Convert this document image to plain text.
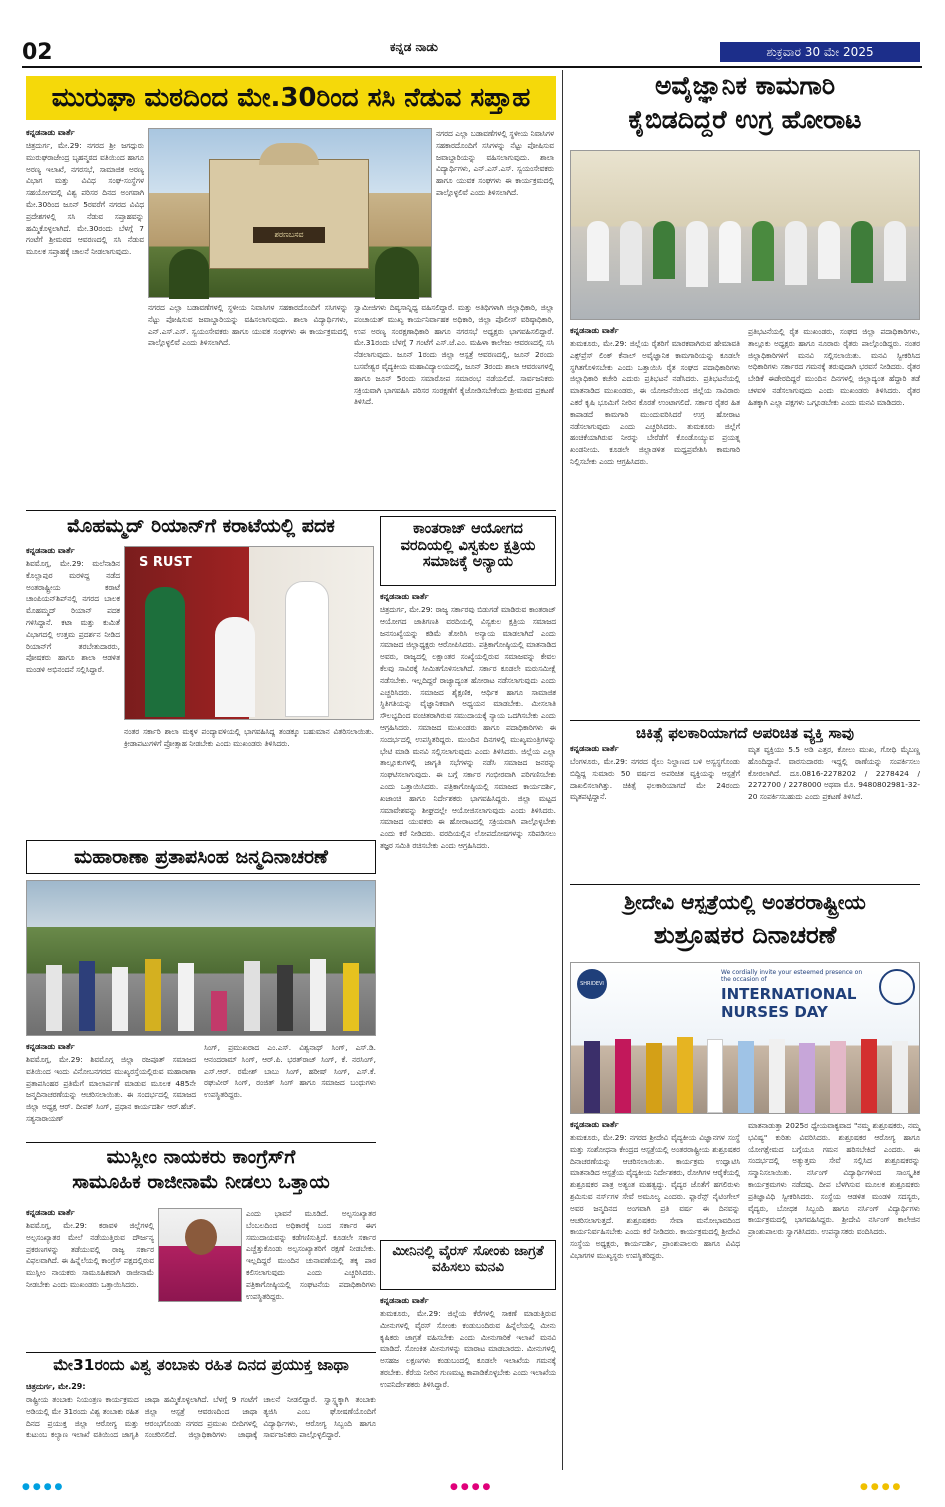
02	ಕನ್ನಡ ನಾಡು	ಶುಕ್ರವಾರ 30 ಮೇ 2025
ಮುರುಘಾ ಮಠದಿಂದ ಮೇ.30ರಿಂದ ಸಸಿ ನೆಡುವ ಸಪ್ತಾಹ
ಕನ್ನಡನಾಡು ವಾರ್ತೆ
ಚಿತ್ರದುರ್ಗ, ಮೇ.29: ನಗರದ ಶ್ರೀ ಜಗದ್ಗುರು ಮುರುಘರಾಜೇಂದ್ರ ಬೃಹನ್ಮಠದ ವತಿಯಿಂದ ಹಾಗೂ ಅರಣ್ಯ ಇಲಾಖೆ, ನಗರಸಭೆ, ಸಾಮಾಜಿಕ ಅರಣ್ಯ ವಿಭಾಗ ಮತ್ತು ವಿವಿಧ ಸಂಘ-ಸಂಸ್ಥೆಗಳ ಸಹಯೋಗದಲ್ಲಿ ವಿಶ್ವ ಪರಿಸರ ದಿನದ ಅಂಗವಾಗಿ ಮೇ.30ರಿಂದ ಜೂನ್ 5ರವರೆಗೆ ನಗರದ ವಿವಿಧ ಪ್ರದೇಶಗಳಲ್ಲಿ ಸಸಿ ನೆಡುವ ಸಪ್ತಾಹವನ್ನು ಹಮ್ಮಿಕೊಳ್ಳಲಾಗಿದೆ. ಮೇ.30ರಂದು ಬೆಳಗ್ಗೆ 7 ಗಂಟೆಗೆ ಶ್ರೀಮಠದ ಆವರಣದಲ್ಲಿ ಸಸಿ ನೆಡುವ ಮೂಲಕ ಸಪ್ತಾಹಕ್ಕೆ ಚಾಲನೆ ನೀಡಲಾಗುವುದು.
ಶರಣಬಸವ
ನಗರದ ಎಲ್ಲಾ ಬಡಾವಣೆಗಳಲ್ಲಿ ಸ್ಥಳೀಯ ನಿವಾಸಿಗಳ ಸಹಕಾರದೊಂದಿಗೆ ಸಸಿಗಳನ್ನು ನೆಟ್ಟು ಪೋಷಿಸುವ ಜವಾಬ್ದಾರಿಯನ್ನು ವಹಿಸಲಾಗುವುದು. ಶಾಲಾ ವಿದ್ಯಾರ್ಥಿಗಳು, ಎನ್.ಎಸ್.ಎಸ್. ಸ್ವಯಂಸೇವಕರು ಹಾಗೂ ಯುವಕ ಸಂಘಗಳು ಈ ಕಾರ್ಯಕ್ರಮದಲ್ಲಿ ಪಾಲ್ಗೊಳ್ಳಲಿವೆ ಎಂದು ತಿಳಿಸಲಾಗಿದೆ.
ಸ್ವಾಮೀಜಿಗಳು ದಿವ್ಯಸಾನ್ನಿಧ್ಯ ವಹಿಸಲಿದ್ದಾರೆ. ಮತ್ತು ಅತಿಥಿಗಳಾಗಿ ಜಿಲ್ಲಾಧಿಕಾರಿ, ಜಿಲ್ಲಾ ಪಂಚಾಯತ್ ಮುಖ್ಯ ಕಾರ್ಯನಿರ್ವಾಹಕ ಅಧಿಕಾರಿ, ಜಿಲ್ಲಾ ಪೊಲೀಸ್ ವರಿಷ್ಠಾಧಿಕಾರಿ, ಉಪ ಅರಣ್ಯ ಸಂರಕ್ಷಣಾಧಿಕಾರಿ ಹಾಗೂ ನಗರಸಭೆ ಅಧ್ಯಕ್ಷರು ಭಾಗವಹಿಸಲಿದ್ದಾರೆ. ಮೇ.31ರಂದು ಬೆಳಗ್ಗೆ 7 ಗಂಟೆಗೆ ಎಸ್.ಜೆ.ಎಂ. ಮಹಿಳಾ ಕಾಲೇಜು ಆವರಣದಲ್ಲಿ ಸಸಿ ನೆಡಲಾಗುವುದು. ಜೂನ್ 1ರಂದು ಜಿಲ್ಲಾ ಆಸ್ಪತ್ರೆ ಆವರಣದಲ್ಲಿ, ಜೂನ್ 2ರಂದು ಬಸವೇಶ್ವರ ವೈದ್ಯಕೀಯ ಮಹಾವಿದ್ಯಾಲಯದಲ್ಲಿ, ಜೂನ್ 3ರಂದು ಶಾಲಾ ಆವರಣಗಳಲ್ಲಿ ಹಾಗೂ ಜೂನ್ 5ರಂದು ಸಮಾರೋಪ ಸಮಾರಂಭ ನಡೆಯಲಿದೆ. ಸಾರ್ವಜನಿಕರು ಸಕ್ರಿಯವಾಗಿ ಭಾಗವಹಿಸಿ ಪರಿಸರ ಸಂರಕ್ಷಣೆಗೆ ಕೈಜೋಡಿಸಬೇಕೆಂದು ಶ್ರೀಮಠದ ಪ್ರಕಟಣೆ ತಿಳಿಸಿದೆ.
ನಗರದ ಎಲ್ಲಾ ಬಡಾವಣೆಗಳಲ್ಲಿ ಸ್ಥಳೀಯ ನಿವಾಸಿಗಳ ಸಹಕಾರದೊಂದಿಗೆ ಸಸಿಗಳನ್ನು ನೆಟ್ಟು ಪೋಷಿಸುವ ಜವಾಬ್ದಾರಿಯನ್ನು ವಹಿಸಲಾಗುವುದು. ಶಾಲಾ ವಿದ್ಯಾರ್ಥಿಗಳು, ಎನ್.ಎಸ್.ಎಸ್. ಸ್ವಯಂಸೇವಕರು ಹಾಗೂ ಯುವಕ ಸಂಘಗಳು ಈ ಕಾರ್ಯಕ್ರಮದಲ್ಲಿ ಪಾಲ್ಗೊಳ್ಳಲಿವೆ ಎಂದು ತಿಳಿಸಲಾಗಿದೆ.
ಅವೈಜ್ಞಾನಿಕ ಕಾಮಗಾರಿ
ಕೈಬಿಡದಿದ್ದರೆ ಉಗ್ರ ಹೋರಾಟ
ಕನ್ನಡನಾಡು ವಾರ್ತೆ
ತುಮಕೂರು, ಮೇ.29: ಜಿಲ್ಲೆಯ ರೈತರಿಗೆ ಮಾರಕವಾಗಿರುವ ಹೇಮಾವತಿ ಎಕ್ಸ್‌ಪ್ರೆಸ್ ಲಿಂಕ್ ಕೆನಾಲ್ ಅವೈಜ್ಞಾನಿಕ ಕಾಮಗಾರಿಯನ್ನು ಕೂಡಲೇ ಸ್ಥಗಿತಗೊಳಿಸಬೇಕು ಎಂದು ಒತ್ತಾಯಿಸಿ ರೈತ ಸಂಘದ ಪದಾಧಿಕಾರಿಗಳು ಜಿಲ್ಲಾಧಿಕಾರಿ ಕಚೇರಿ ಎದುರು ಪ್ರತಿಭಟನೆ ನಡೆಸಿದರು. ಪ್ರತಿಭಟನೆಯಲ್ಲಿ ಮಾತನಾಡಿದ ಮುಖಂಡರು, ಈ ಯೋಜನೆಯಿಂದ ಜಿಲ್ಲೆಯ ಸಾವಿರಾರು ಎಕರೆ ಕೃಷಿ ಭೂಮಿಗೆ ನೀರಿನ ಕೊರತೆ ಉಂಟಾಗಲಿದೆ. ಸರ್ಕಾರ ರೈತರ ಹಿತ ಕಾಪಾಡದೆ ಕಾಮಗಾರಿ ಮುಂದುವರಿಸಿದರೆ ಉಗ್ರ ಹೋರಾಟ ನಡೆಸಲಾಗುವುದು ಎಂದು ಎಚ್ಚರಿಸಿದರು. ತುಮಕೂರು ಜಿಲ್ಲೆಗೆ ಹಂಚಿಕೆಯಾಗಿರುವ ನೀರನ್ನು ಬೇರೆಡೆಗೆ ಕೊಂಡೊಯ್ಯುವ ಪ್ರಯತ್ನ ಖಂಡನೀಯ. ಕೂಡಲೇ ಜಿಲ್ಲಾಡಳಿತ ಮಧ್ಯಪ್ರವೇಶಿಸಿ ಕಾಮಗಾರಿ ನಿಲ್ಲಿಸಬೇಕು ಎಂದು ಆಗ್ರಹಿಸಿದರು.
ಪ್ರತಿಭಟನೆಯಲ್ಲಿ ರೈತ ಮುಖಂಡರು, ಸಂಘದ ಜಿಲ್ಲಾ ಪದಾಧಿಕಾರಿಗಳು, ತಾಲ್ಲೂಕು ಅಧ್ಯಕ್ಷರು ಹಾಗೂ ನೂರಾರು ರೈತರು ಪಾಲ್ಗೊಂಡಿದ್ದರು. ನಂತರ ಜಿಲ್ಲಾಧಿಕಾರಿಗಳಿಗೆ ಮನವಿ ಸಲ್ಲಿಸಲಾಯಿತು. ಮನವಿ ಸ್ವೀಕರಿಸಿದ ಅಧಿಕಾರಿಗಳು ಸರ್ಕಾರದ ಗಮನಕ್ಕೆ ತರುವುದಾಗಿ ಭರವಸೆ ನೀಡಿದರು. ರೈತರ ಬೇಡಿಕೆ ಈಡೇರದಿದ್ದರೆ ಮುಂದಿನ ದಿನಗಳಲ್ಲಿ ಜಿಲ್ಲಾದ್ಯಂತ ಹೆದ್ದಾರಿ ತಡೆ ಚಳವಳಿ ನಡೆಸಲಾಗುವುದು ಎಂದು ಮುಖಂಡರು ತಿಳಿಸಿದರು. ರೈತರ ಹಿತಕ್ಕಾಗಿ ಎಲ್ಲಾ ಪಕ್ಷಗಳು ಒಗ್ಗೂಡಬೇಕು ಎಂದು ಮನವಿ ಮಾಡಿದರು.
ಮೊಹಮ್ಮದ್ ರಿಯಾನ್‌ಗೆ ಕರಾಟೆಯಲ್ಲಿ ಪದಕ
ಕನ್ನಡನಾಡು ವಾರ್ತೆ
ಶಿವಮೊಗ್ಗ, ಮೇ.29: ಮಲೆನಾಡಿನ ಕೊಲ್ಲಾಪುರ ಮರಳಿದ್ದ ನಡೆದ ಅಂತರಾಷ್ಟ್ರೀಯ ಕರಾಟೆ ಚಾಂಪಿಯನ್‌ಶಿಪ್‌ನಲ್ಲಿ ನಗರದ ಬಾಲಕ ಮೊಹಮ್ಮದ್ ರಿಯಾನ್ ಪದಕ ಗಳಿಸಿದ್ದಾನೆ. ಕಟಾ ಮತ್ತು ಕುಮಿತೆ ವಿಭಾಗದಲ್ಲಿ ಉತ್ತಮ ಪ್ರದರ್ಶನ ನೀಡಿದ ರಿಯಾನ್‌ಗೆ ತರಬೇತುದಾರರು, ಪೋಷಕರು ಹಾಗೂ ಶಾಲಾ ಆಡಳಿತ ಮಂಡಳಿ ಅಭಿನಂದನೆ ಸಲ್ಲಿಸಿದ್ದಾರೆ.
S RUST
ನಂತರ ಸರ್ಕಾರಿ ಶಾಲಾ ಮಕ್ಕಳ ಪಂದ್ಯಾವಳಿಯಲ್ಲಿ ಭಾಗವಹಿಸಿದ್ದ ತಂಡಕ್ಕೂ ಬಹುಮಾನ ವಿತರಿಸಲಾಯಿತು. ಕ್ರೀಡಾಪಟುಗಳಿಗೆ ಪ್ರೋತ್ಸಾಹ ನೀಡಬೇಕು ಎಂದು ಮುಖಂಡರು ತಿಳಿಸಿದರು.
ಕಾಂತರಾಜ್ ಆಯೋಗದ ವರದಿಯಲ್ಲಿ ವಿಸ್ವಕುಲ ಕ್ಷತ್ರಿಯ ಸಮಾಜಕ್ಕೆ ಅನ್ಯಾಯ
ಕನ್ನಡನಾಡು ವಾರ್ತೆ
ಚಿತ್ರದುರ್ಗ, ಮೇ.29: ರಾಜ್ಯ ಸರ್ಕಾರವು ಬಿಡುಗಡೆ ಮಾಡಿರುವ ಕಾಂತರಾಜ್ ಆಯೋಗದ ಜಾತಿಗಣತಿ ವರದಿಯಲ್ಲಿ ವಿಸ್ವಕುಲ ಕ್ಷತ್ರಿಯ ಸಮಾಜದ ಜನಸಂಖ್ಯೆಯನ್ನು ಕಡಿಮೆ ತೋರಿಸಿ ಅನ್ಯಾಯ ಮಾಡಲಾಗಿದೆ ಎಂದು ಸಮಾಜದ ಜಿಲ್ಲಾಧ್ಯಕ್ಷರು ಆರೋಪಿಸಿದರು. ಪತ್ರಿಕಾಗೋಷ್ಠಿಯಲ್ಲಿ ಮಾತನಾಡಿದ ಅವರು, ರಾಜ್ಯದಲ್ಲಿ ಲಕ್ಷಾಂತರ ಸಂಖ್ಯೆಯಲ್ಲಿರುವ ಸಮಾಜವನ್ನು ಕೇವಲ ಕೆಲವು ಸಾವಿರಕ್ಕೆ ಸೀಮಿತಗೊಳಿಸಲಾಗಿದೆ. ಸರ್ಕಾರ ಕೂಡಲೇ ಮರುಸಮೀಕ್ಷೆ ನಡೆಸಬೇಕು. ಇಲ್ಲದಿದ್ದರೆ ರಾಜ್ಯಾದ್ಯಂತ ಹೋರಾಟ ನಡೆಸಲಾಗುವುದು ಎಂದು ಎಚ್ಚರಿಸಿದರು. ಸಮಾಜದ ಶೈಕ್ಷಣಿಕ, ಆರ್ಥಿಕ ಹಾಗೂ ಸಾಮಾಜಿಕ ಸ್ಥಿತಿಗತಿಯನ್ನು ವೈಜ್ಞಾನಿಕವಾಗಿ ಅಧ್ಯಯನ ಮಾಡಬೇಕು. ಮೀಸಲಾತಿ ಸೌಲಭ್ಯದಿಂದ ವಂಚಿತರಾಗಿರುವ ಸಮುದಾಯಕ್ಕೆ ನ್ಯಾಯ ಒದಗಿಸಬೇಕು ಎಂದು ಆಗ್ರಹಿಸಿದರು. ಸಮಾಜದ ಮುಖಂಡರು ಹಾಗೂ ಪದಾಧಿಕಾರಿಗಳು ಈ ಸಂದರ್ಭದಲ್ಲಿ ಉಪಸ್ಥಿತರಿದ್ದರು. ಮುಂದಿನ ದಿನಗಳಲ್ಲಿ ಮುಖ್ಯಮಂತ್ರಿಗಳನ್ನು ಭೇಟಿ ಮಾಡಿ ಮನವಿ ಸಲ್ಲಿಸಲಾಗುವುದು ಎಂದು ತಿಳಿಸಿದರು. ಜಿಲ್ಲೆಯ ಎಲ್ಲಾ ತಾಲ್ಲೂಕುಗಳಲ್ಲಿ ಜಾಗೃತಿ ಸಭೆಗಳನ್ನು ನಡೆಸಿ ಸಮಾಜದ ಜನರನ್ನು ಸಂಘಟಿಸಲಾಗುವುದು. ಈ ಬಗ್ಗೆ ಸರ್ಕಾರ ಗಂಭೀರವಾಗಿ ಪರಿಗಣಿಸಬೇಕು ಎಂದು ಒತ್ತಾಯಿಸಿದರು. ಪತ್ರಿಕಾಗೋಷ್ಠಿಯಲ್ಲಿ ಸಮಾಜದ ಕಾರ್ಯದರ್ಶಿ, ಖಜಾಂಚಿ ಹಾಗೂ ನಿರ್ದೇಶಕರು ಭಾಗವಹಿಸಿದ್ದರು. ಜಿಲ್ಲಾ ಮಟ್ಟದ ಸಮಾವೇಶವನ್ನು ಶೀಘ್ರದಲ್ಲೇ ಆಯೋಜಿಸಲಾಗುವುದು ಎಂದು ತಿಳಿಸಿದರು. ಸಮಾಜದ ಯುವಕರು ಈ ಹೋರಾಟದಲ್ಲಿ ಸಕ್ರಿಯವಾಗಿ ಪಾಲ್ಗೊಳ್ಳಬೇಕು ಎಂದು ಕರೆ ನೀಡಿದರು. ವರದಿಯಲ್ಲಿನ ಲೋಪದೋಷಗಳನ್ನು ಸರಿಪಡಿಸಲು ತಜ್ಞರ ಸಮಿತಿ ರಚಿಸಬೇಕು ಎಂದು ಆಗ್ರಹಿಸಿದರು.
ಚಿಕಿತ್ಸೆ ಫಲಕಾರಿಯಾಗದೆ ಅಪರಿಚಿತ ವ್ಯಕ್ತಿ ಸಾವು
ಕನ್ನಡನಾಡು ವಾರ್ತೆ
ಬೆಂಗಳೂರು, ಮೇ.29: ನಗರದ ರೈಲು ನಿಲ್ದಾಣದ ಬಳಿ ಅಸ್ವಸ್ಥಗೊಂಡು ಬಿದ್ದಿದ್ದ ಸುಮಾರು 50 ವರ್ಷದ ಅಪರಿಚಿತ ವ್ಯಕ್ತಿಯನ್ನು ಆಸ್ಪತ್ರೆಗೆ ದಾಖಲಿಸಲಾಗಿತ್ತು. ಚಿಕಿತ್ಸೆ ಫಲಕಾರಿಯಾಗದೆ ಮೇ 24ರಂದು ಮೃತಪಟ್ಟಿದ್ದಾನೆ.
ಮೃತ ವ್ಯಕ್ತಿಯು 5.5 ಅಡಿ ಎತ್ತರ, ಕೋಲು ಮುಖ, ಗೋಧಿ ಮೈಬಣ್ಣ ಹೊಂದಿದ್ದಾನೆ. ವಾರಸುದಾರರು ಇದ್ದಲ್ಲಿ ಠಾಣೆಯನ್ನು ಸಂಪರ್ಕಿಸಲು ಕೋರಲಾಗಿದೆ. ದೂ.0816-2278202 / 2278424 / 2272700 / 2278000 ಅಥವಾ ಮೊ. 9480802981-32-20 ಸಂಪರ್ಕಿಸಬಹುದು ಎಂದು ಪ್ರಕಟಣೆ ತಿಳಿಸಿದೆ.
ಮಹಾರಾಣಾ ಪ್ರತಾಪಸಿಂಹ ಜನ್ಮದಿನಾಚರಣೆ
ಕನ್ನಡನಾಡು ವಾರ್ತೆ
ಶಿವಮೊಗ್ಗ, ಮೇ.29: ಶಿವಮೊಗ್ಗ ಜಿಲ್ಲಾ ರಜಪೂತ್ ಸಮಾಜದ ವತಿಯಿಂದ ಇಂದು ವಿನೋಬನಗರದ ಮುಖ್ಯರಸ್ತೆಯಲ್ಲಿರುವ ಮಹಾರಾಣಾ ಪ್ರತಾಪಸಿಂಹರ ಪ್ರತಿಮೆಗೆ ಮಾಲಾರ್ಪಣೆ ಮಾಡುವ ಮೂಲಕ 485ನೇ ಜನ್ಮದಿನಾಚರಣೆಯನ್ನು ಆಚರಿಸಲಾಯಿತು. ಈ ಸಂದರ್ಭದಲ್ಲಿ ಸಮಾಜದ ಜಿಲ್ಲಾ ಅಧ್ಯಕ್ಷ ಆರ್. ದೀಪಕ್ ಸಿಂಗ್, ಪ್ರಧಾನ ಕಾರ್ಯದರ್ಶಿ ಆರ್.ಹೆಚ್. ಸತ್ಯನಾರಾಯಣ್
ಸಿಂಗ್, ಪ್ರಮುಖರಾದ ಎಂ.ಎಸ್. ವಿಶ್ವನಾಥ್ ಸಿಂಗ್, ಎಸ್.ಡಿ. ಆನಂದರಾಮ್ ಸಿಂಗ್, ಆರ್.ಪಿ. ಭರತ್‌ರಾಜ್ ಸಿಂಗ್, ಕೆ. ನರಸಿಂಗ್, ಎಸ್.ಆರ್. ರಮೇಶ್ ಬಾಬು ಸಿಂಗ್, ಹರೀಷ್ ಸಿಂಗ್, ಎಸ್.ಕೆ. ರಘುವೀರ್ ಸಿಂಗ್, ರಂಜಿತ್ ಸಿಂಗ್ ಹಾಗೂ ಸಮಾಜದ ಬಂಧುಗಳು ಉಪಸ್ಥಿತರಿದ್ದರು.
ಶ್ರೀದೇವಿ ಆಸ್ಪತ್ರೆಯಲ್ಲಿ ಅಂತರರಾಷ್ಟ್ರೀಯ
ಶುಶ್ರೂಷಕರ ದಿನಾಚರಣೆ
SHRIDEVI
We cordially invite your esteemed presence on the occasion of
INTERNATIONAL
NURSES DAY
ಕನ್ನಡನಾಡು ವಾರ್ತೆ
ತುಮಕೂರು, ಮೇ.29: ನಗರದ ಶ್ರೀದೇವಿ ವೈದ್ಯಕೀಯ ವಿಜ್ಞಾನಗಳ ಸಂಸ್ಥೆ ಮತ್ತು ಸಂಶೋಧನಾ ಕೇಂದ್ರದ ಆಸ್ಪತ್ರೆಯಲ್ಲಿ ಅಂತರರಾಷ್ಟ್ರೀಯ ಶುಶ್ರೂಷಕರ ದಿನಾಚರಣೆಯನ್ನು ಆಚರಿಸಲಾಯಿತು. ಕಾರ್ಯಕ್ರಮ ಉದ್ಘಾಟಿಸಿ ಮಾತನಾಡಿದ ಆಸ್ಪತ್ರೆಯ ವೈದ್ಯಕೀಯ ನಿರ್ದೇಶಕರು, ರೋಗಿಗಳ ಆರೈಕೆಯಲ್ಲಿ ಶುಶ್ರೂಷಕರ ಪಾತ್ರ ಅತ್ಯಂತ ಮಹತ್ವದ್ದು. ವೈದ್ಯರ ಜೊತೆಗೆ ಹಗಲಿರುಳು ಶ್ರಮಿಸುವ ನರ್ಸ್‌ಗಳ ಸೇವೆ ಅಮೂಲ್ಯ ಎಂದರು. ಫ್ಲಾರೆನ್ಸ್ ನೈಟಿಂಗೇಲ್ ಅವರ ಜನ್ಮದಿನದ ಅಂಗವಾಗಿ ಪ್ರತಿ ವರ್ಷ ಈ ದಿನವನ್ನು ಆಚರಿಸಲಾಗುತ್ತದೆ. ಶುಶ್ರೂಷಕರು ಸೇವಾ ಮನೋಭಾವದಿಂದ ಕಾರ್ಯನಿರ್ವಹಿಸಬೇಕು ಎಂದು ಕರೆ ನೀಡಿದರು. ಕಾರ್ಯಕ್ರಮದಲ್ಲಿ ಶ್ರೀದೇವಿ ಸಂಸ್ಥೆಯ ಅಧ್ಯಕ್ಷರು, ಕಾರ್ಯದರ್ಶಿ, ಪ್ರಾಂಶುಪಾಲರು ಹಾಗೂ ವಿವಿಧ ವಿಭಾಗಗಳ ಮುಖ್ಯಸ್ಥರು ಉಪಸ್ಥಿತರಿದ್ದರು.
ಮಾತನಾಡುತ್ತಾ 2025ರ ಧ್ಯೇಯವಾಕ್ಯವಾದ "ನಮ್ಮ ಶುಶ್ರೂಷಕರು, ನಮ್ಮ ಭವಿಷ್ಯ" ಕುರಿತು ವಿವರಿಸಿದರು. ಶುಶ್ರೂಷಕರ ಆರೋಗ್ಯ ಹಾಗೂ ಯೋಗಕ್ಷೇಮದ ಬಗ್ಗೆಯೂ ಗಮನ ಹರಿಸಬೇಕಿದೆ ಎಂದರು. ಈ ಸಂದರ್ಭದಲ್ಲಿ ಅತ್ಯುತ್ತಮ ಸೇವೆ ಸಲ್ಲಿಸಿದ ಶುಶ್ರೂಷಕರನ್ನು ಸನ್ಮಾನಿಸಲಾಯಿತು. ನರ್ಸಿಂಗ್ ವಿದ್ಯಾರ್ಥಿಗಳಿಂದ ಸಾಂಸ್ಕೃತಿಕ ಕಾರ್ಯಕ್ರಮಗಳು ನಡೆದವು. ದೀಪ ಬೆಳಗಿಸುವ ಮೂಲಕ ಶುಶ್ರೂಷಕರು ಪ್ರತಿಜ್ಞಾವಿಧಿ ಸ್ವೀಕರಿಸಿದರು. ಸಂಸ್ಥೆಯ ಆಡಳಿತ ಮಂಡಳಿ ಸದಸ್ಯರು, ವೈದ್ಯರು, ಬೋಧಕ ಸಿಬ್ಬಂದಿ ಹಾಗೂ ನರ್ಸಿಂಗ್ ವಿದ್ಯಾರ್ಥಿಗಳು ಕಾರ್ಯಕ್ರಮದಲ್ಲಿ ಭಾಗವಹಿಸಿದ್ದರು. ಶ್ರೀದೇವಿ ನರ್ಸಿಂಗ್ ಕಾಲೇಜಿನ ಪ್ರಾಂಶುಪಾಲರು ಸ್ವಾಗತಿಸಿದರು. ಉಪನ್ಯಾಸಕರು ವಂದಿಸಿದರು.
ಮುಸ್ಲೀಂ ನಾಯಕರು ಕಾಂಗ್ರೆಸ್‌ಗೆ
ಸಾಮೂಹಿಕ ರಾಜೀನಾಮೆ ನೀಡಲು ಒತ್ತಾಯ
ಕನ್ನಡನಾಡು ವಾರ್ತೆ
ಶಿವಮೊಗ್ಗ, ಮೇ.29: ಕರಾವಳಿ ಜಿಲ್ಲೆಗಳಲ್ಲಿ ಅಲ್ಪಸಂಖ್ಯಾತರ ಮೇಲೆ ನಡೆಯುತ್ತಿರುವ ದೌರ್ಜನ್ಯ ಪ್ರಕರಣಗಳನ್ನು ತಡೆಯುವಲ್ಲಿ ರಾಜ್ಯ ಸರ್ಕಾರ ವಿಫಲವಾಗಿದೆ. ಈ ಹಿನ್ನೆಲೆಯಲ್ಲಿ ಕಾಂಗ್ರೆಸ್ ಪಕ್ಷದಲ್ಲಿರುವ ಮುಸ್ಲೀಂ ನಾಯಕರು ಸಾಮೂಹಿಕವಾಗಿ ರಾಜೀನಾಮೆ ನೀಡಬೇಕು ಎಂದು ಮುಖಂಡರು ಒತ್ತಾಯಿಸಿದರು.
ಎಂದು ಭಾವನೆ ಮೂಡಿದೆ. ಅಲ್ಪಸಂಖ್ಯಾತರ ಬೆಂಬಲದಿಂದ ಅಧಿಕಾರಕ್ಕೆ ಬಂದ ಸರ್ಕಾರ ಈಗ ಸಮುದಾಯವನ್ನು ಕಡೆಗಣಿಸುತ್ತಿದೆ. ಕೂಡಲೇ ಸರ್ಕಾರ ಎಚ್ಚೆತ್ತುಕೊಂಡು ಅಲ್ಪಸಂಖ್ಯಾತರಿಗೆ ರಕ್ಷಣೆ ನೀಡಬೇಕು. ಇಲ್ಲದಿದ್ದರೆ ಮುಂದಿನ ಚುನಾವಣೆಯಲ್ಲಿ ತಕ್ಕ ಪಾಠ ಕಲಿಸಲಾಗುವುದು ಎಂದು ಎಚ್ಚರಿಸಿದರು. ಪತ್ರಿಕಾಗೋಷ್ಠಿಯಲ್ಲಿ ಸಂಘಟನೆಯ ಪದಾಧಿಕಾರಿಗಳು ಉಪಸ್ಥಿತರಿದ್ದರು.
ಮೀನಿನಲ್ಲಿ ವೈರಸ್ ಸೋಂಕು ಜಾಗ್ರತೆ ವಹಿಸಲು ಮನವಿ
ಕನ್ನಡನಾಡು ವಾರ್ತೆ
ತುಮಕೂರು, ಮೇ.29: ಜಿಲ್ಲೆಯ ಕೆರೆಗಳಲ್ಲಿ ಸಾಕಣೆ ಮಾಡುತ್ತಿರುವ ಮೀನುಗಳಲ್ಲಿ ವೈರಸ್ ಸೋಂಕು ಕಂಡುಬಂದಿರುವ ಹಿನ್ನೆಲೆಯಲ್ಲಿ ಮೀನು ಕೃಷಿಕರು ಜಾಗ್ರತೆ ವಹಿಸಬೇಕು ಎಂದು ಮೀನುಗಾರಿಕೆ ಇಲಾಖೆ ಮನವಿ ಮಾಡಿದೆ. ಸೋಂಕಿತ ಮೀನುಗಳನ್ನು ಮಾರಾಟ ಮಾಡಬಾರದು. ಮೀನುಗಳಲ್ಲಿ ಅಸಹಜ ಲಕ್ಷಣಗಳು ಕಂಡುಬಂದಲ್ಲಿ ಕೂಡಲೇ ಇಲಾಖೆಯ ಗಮನಕ್ಕೆ ತರಬೇಕು. ಕೆರೆಯ ನೀರಿನ ಗುಣಮಟ್ಟ ಕಾಪಾಡಿಕೊಳ್ಳಬೇಕು ಎಂದು ಇಲಾಖೆಯ ಉಪನಿರ್ದೇಶಕರು ತಿಳಿಸಿದ್ದಾರೆ.
ಮೇ31ರಂದು ವಿಶ್ವ ತಂಬಾಕು ರಹಿತ ದಿನದ ಪ್ರಯುಕ್ತ ಜಾಥಾ
ಚಿತ್ರದುರ್ಗ, ಮೇ.29:
ರಾಷ್ಟ್ರೀಯ ತಂಬಾಕು ನಿಯಂತ್ರಣ ಕಾರ್ಯಕ್ರಮದ ಅಡಿಯಲ್ಲಿ ಮೇ 31ರಂದು ವಿಶ್ವ ತಂಬಾಕು ರಹಿತ ದಿನದ ಪ್ರಯುಕ್ತ ಜಿಲ್ಲಾ ಆರೋಗ್ಯ ಮತ್ತು ಕುಟುಂಬ ಕಲ್ಯಾಣ ಇಲಾಖೆ ವತಿಯಿಂದ ಜಾಗೃತಿ ಜಾಥಾ ಹಮ್ಮಿಕೊಳ್ಳಲಾಗಿದೆ. ಬೆಳಗ್ಗೆ 9 ಗಂಟೆಗೆ ಜಿಲ್ಲಾ ಆಸ್ಪತ್ರೆ ಆವರಣದಿಂದ ಜಾಥಾ ಆರಂಭಗೊಂಡು ನಗರದ ಪ್ರಮುಖ ಬೀದಿಗಳಲ್ಲಿ ಸಂಚರಿಸಲಿದೆ. ಜಿಲ್ಲಾಧಿಕಾರಿಗಳು ಜಾಥಾಕ್ಕೆ ಚಾಲನೆ ನೀಡಲಿದ್ದಾರೆ. ಸ್ವಾಸ್ಥ್ಯಕ್ಕಾಗಿ ತಂಬಾಕು ತ್ಯಜಿಸಿ ಎಂಬ ಘೋಷಣೆಯೊಂದಿಗೆ ವಿದ್ಯಾರ್ಥಿಗಳು, ಆರೋಗ್ಯ ಸಿಬ್ಬಂದಿ ಹಾಗೂ ಸಾರ್ವಜನಿಕರು ಪಾಲ್ಗೊಳ್ಳಲಿದ್ದಾರೆ.
●●●●	●●●●	●●●●
